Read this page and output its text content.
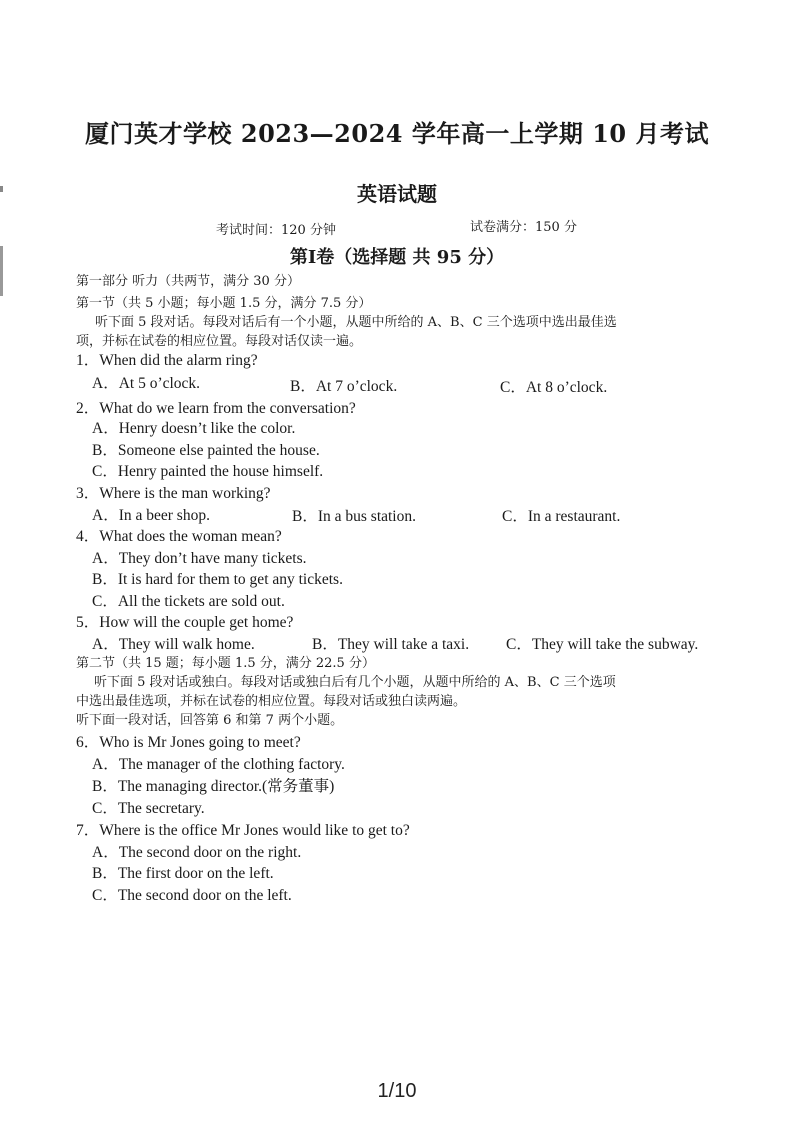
厦门英才学校 2023—2024 学年高一上学期 10 月考试
英语试题
考试时间：120 分钟	试卷满分：150 分
第Ⅰ卷（选择题 共 95 分）
第一部分 听力（共两节，满分 30 分）
第一节（共 5 小题；每小题 1.5 分，满分 7.5 分）
听下面 5 段对话。每段对话后有一个小题，从题中所给的 A、B、C 三个选项中选出最佳选
项，并标在试卷的相应位置。每段对话仅读一遍。
1．When did the alarm ring?
A．At 5 o’clock.	B．At 7 o’clock.	C．At 8 o’clock.
2．What do we learn from the conversation?
A．Henry doesn’t like the color.
B．Someone else painted the house.
C．Henry painted the house himself.
3．Where is the man working?
A．In a beer shop.	B．In a bus station.	C．In a restaurant.
4．What does the woman mean?
A．They don’t have many tickets.
B．It is hard for them to get any tickets.
C．All the tickets are sold out.
5．How will the couple get home?
A．They will walk home.	B．They will take a taxi. C．They will take the subway.
第二节（共 15 题；每小题 1.5 分，满分 22.5 分）
听下面 5 段对话或独白。每段对话或独白后有几个小题，从题中所给的 A、B、C 三个选项
中选出最佳选项，并标在试卷的相应位置。每段对话或独白读两遍。
听下面一段对话，回答第 6 和第 7 两个小题。
6．Who is Mr Jones going to meet?
A．The manager of the clothing factory.
B．The managing director.(常务董事)
C．The secretary.
7．Where is the office Mr Jones would like to get to?
A．The second door on the right.
B．The first door on the left.
C．The second door on the left.
1/10
